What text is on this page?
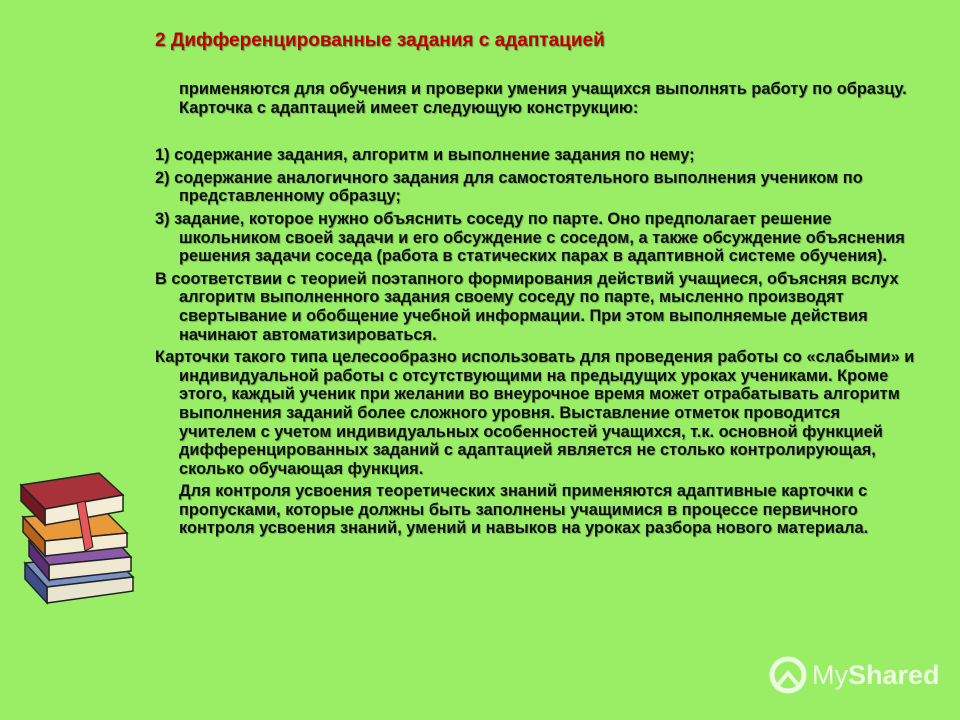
2 Дифференцированные задания с адаптацией

применяются для обучения и проверки умения учащихся выполнять работу по образцу. Карточка с адаптацией имеет следующую конструкцию:

1) содержание задания, алгоритм и выполнение задания по нему;

2) содержание аналогичного задания для самостоятельного выполнения учеником по представленному образцу;

3) задание, которое нужно объяснить соседу по парте. Оно предполагает решение школьником своей задачи и его обсуждение с соседом, а также обсуждение объяснения решения задачи соседа (работа в статических парах в адаптивной системе обучения).

В соответствии с теорией поэтапного формирования действий учащиеся, объясняя вслух алгоритм выполненного задания своему соседу по парте, мысленно производят свертывание и обобщение учебной информации. При этом выполняемые действия начинают автоматизироваться.

Карточки такого типа целесообразно использовать для проведения работы со «слабыми» и индивидуальной работы с отсутствующими на предыдущих уроках учениками. Кроме этого, каждый ученик при желании во внеурочное время может отрабатывать алгоритм выполнения заданий более сложного уровня. Выставление отметок проводится учителем с учетом индивидуальных особенностей учащихся, т.к. основной функцией дифференцированных заданий с адаптацией является не столько контролирующая, сколько обучающая функция.

Для контроля усвоения теоретических знаний применяются адаптивные карточки с пропусками, которые должны быть заполнены учащимися в процессе первичного контроля усвоения знаний, умений и навыков на уроках разбора нового материала.

My Shared
